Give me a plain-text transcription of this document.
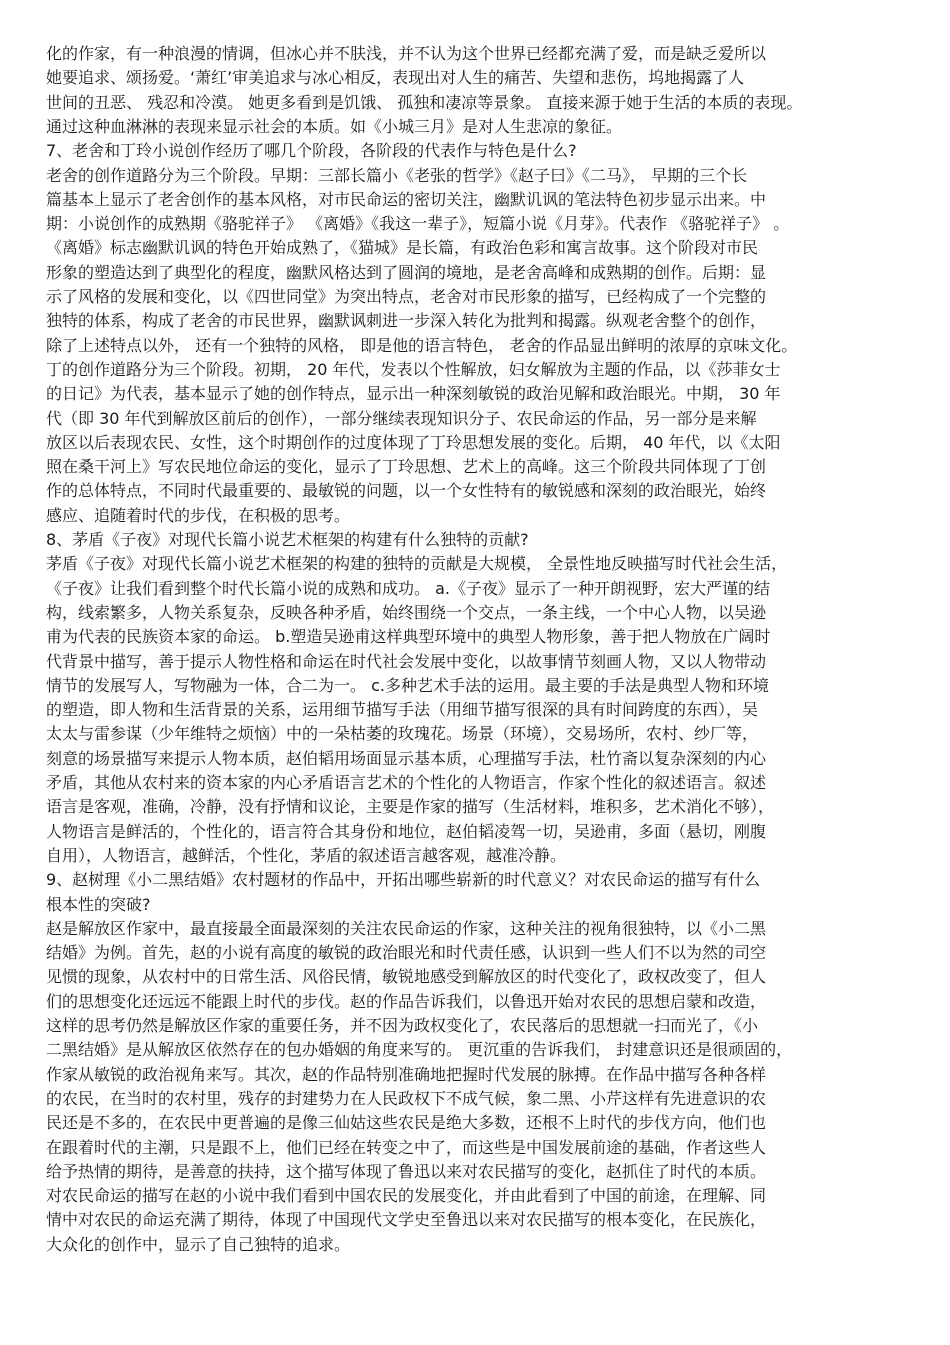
化的作家，有一种浪漫的情调，但冰心并不肤浅，并不认为这个世界已经都充满了爱，而是缺乏爱所以

她要追求、颂扬爱。‘萧红’审美追求与冰心相反，表现出对人生的痛苦、失望和悲伤，坞地揭露了人

世间的丑恶、 残忍和冷漠。 她更多看到是饥饿、 孤独和凄凉等景象。 直接来源于她于生活的本质的表现。

通过这种血淋淋的表现来显示社会的本质。如《小城三月》是对人生悲凉的象征。

7、老舍和丁玲小说创作经历了哪几个阶段，各阶段的代表作与特色是什么?

老舍的创作道路分为三个阶段。早期：三部长篇小《老张的哲学》《赵子曰》《二马》， 早期的三个长

篇基本上显示了老舍创作的基本风格，对市民命运的密切关注，幽默讥讽的笔法特色初步显示出来。中

期：小说创作的成熟期《骆驼祥子》 《离婚》《我这一辈子》，短篇小说《月芽》。代表作 《骆驼祥子》 。

《离婚》标志幽默讥讽的特色开始成熟了，《猫城》是长篇，有政治色彩和寓言故事。这个阶段对市民

形象的塑造达到了典型化的程度，幽默风格达到了圆润的境地，是老舍高峰和成熟期的创作。后期：显

示了风格的发展和变化，以《四世同堂》为突出特点，老舍对市民形象的描写，已经构成了一个完整的

独特的体系，构成了老舍的市民世界，幽默讽刺进一步深入转化为批判和揭露。纵观老舍整个的创作，

除了上述特点以外， 还有一个独特的风格， 即是他的语言特色， 老舍的作品显出鲜明的浓厚的京味文化。

丁的创作道路分为三个阶段。初期， 20 年代，发表以个性解放，妇女解放为主题的作品，以《莎菲女士

的日记》为代表，基本显示了她的创作特点，显示出一种深刻敏锐的政治见解和政治眼光。中期， 30 年

代（即 30 年代到解放区前后的创作），一部分继续表现知识分子、农民命运的作品，另一部分是来解

放区以后表现农民、女性，这个时期创作的过度体现了丁玲思想发展的变化。后期， 40 年代，以《太阳

照在桑干河上》写农民地位命运的变化，显示了丁玲思想、艺术上的高峰。这三个阶段共同体现了丁创

作的总体特点，不同时代最重要的、最敏锐的问题，以一个女性特有的敏锐感和深刻的政治眼光，始终

感应、追随着时代的步伐，在积极的思考。

8、茅盾《子夜》对现代长篇小说艺术框架的构建有什么独特的贡献?

茅盾《子夜》对现代长篇小说艺术框架的构建的独特的贡献是大规模， 全景性地反映描写时代社会生活，

《子夜》让我们看到整个时代长篇小说的成熟和成功。 a.《子夜》显示了一种开朗视野，宏大严谨的结

构，线索繁多，人物关系复杂，反映各种矛盾，始终围绕一个交点，一条主线，一个中心人物，以吴逊

甫为代表的民族资本家的命运。 b.塑造吴逊甫这样典型环境中的典型人物形象，善于把人物放在广阔时

代背景中描写，善于提示人物性格和命运在时代社会发展中变化，以故事情节刻画人物，又以人物带动

情节的发展写人，写物融为一体，合二为一。 c.多种艺术手法的运用。最主要的手法是典型人物和环境

的塑造，即人物和生活背景的关系，运用细节描写手法（用细节描写很深的具有时间跨度的东西），吴

太太与雷参谋（少年维特之烦恼）中的一朵枯萎的玫瑰花。场景（环境），交易场所，农村、纱厂等，

刻意的场景描写来提示人物本质，赵伯韬用场面显示基本质，心理描写手法，杜竹斋以复杂深刻的内心

矛盾，其他从农村来的资本家的内心矛盾语言艺术的个性化的人物语言，作家个性化的叙述语言。叙述

语言是客观，准确，冷静，没有抒情和议论，主要是作家的描写（生活材料，堆积多，艺术消化不够），

人物语言是鲜活的，个性化的，语言符合其身份和地位，赵伯韬凌驾一切，吴逊甫，多面（悬切，刚腹

自用），人物语言，越鲜活，个性化，茅盾的叙述语言越客观，越准冷静。

9、赵树理《小二黑结婚》农村题材的作品中，开拓出哪些崭新的时代意义？对农民命运的描写有什么

根本性的突破?

赵是解放区作家中，最直接最全面最深刻的关注农民命运的作家，这种关注的视角很独特，以《小二黑

结婚》为例。首先，赵的小说有高度的敏锐的政治眼光和时代责任感，认识到一些人们不以为然的司空

见惯的现象，从农村中的日常生活、风俗民情，敏锐地感受到解放区的时代变化了，政权改变了，但人

们的思想变化还远远不能跟上时代的步伐。赵的作品告诉我们，以鲁迅开始对农民的思想启蒙和改造，

这样的思考仍然是解放区作家的重要任务，并不因为政权变化了，农民落后的思想就一扫而光了，《小

二黑结婚》是从解放区依然存在的包办婚姻的角度来写的。 更沉重的告诉我们， 封建意识还是很顽固的，

作家从敏锐的政治视角来写。其次，赵的作品特别准确地把握时代发展的脉搏。在作品中描写各种各样

的农民，在当时的农村里，残存的封建势力在人民政权下不成气候，象二黑、小芹这样有先进意识的农

民还是不多的，在农民中更普遍的是像三仙姑这些农民是绝大多数，还根不上时代的步伐方向，他们也

在跟着时代的主潮，只是跟不上，他们已经在转变之中了，而这些是中国发展前途的基础，作者这些人

给予热情的期待，是善意的扶持，这个描写体现了鲁迅以来对农民描写的变化，赵抓住了时代的本质。

对农民命运的描写在赵的小说中我们看到中国农民的发展变化，并由此看到了中国的前途，在理解、同

情中对农民的命运充满了期待，体现了中国现代文学史至鲁迅以来对农民描写的根本变化，在民族化，

大众化的创作中，显示了自己独特的追求。
